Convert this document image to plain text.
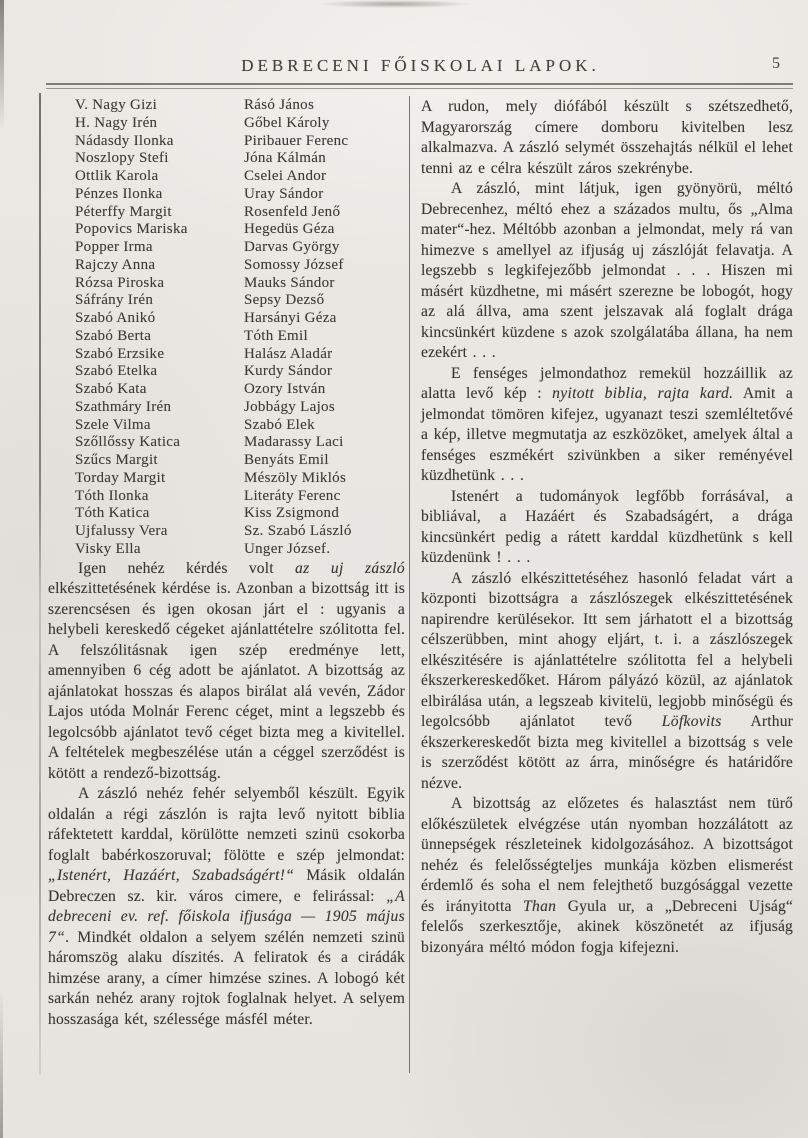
DEBRECENI FŐISKOLAI LAPOK.	5
V. Nagy Gizi
H. Nagy Irén
Nádasdy Ilonka
Noszlopy Stefi
Ottlik Karola
Pénzes Ilonka
Péterffy Margit
Popovics Mariska
Popper Irma
Rajczy Anna
Rózsa Piroska
Sáfrány Irén
Szabó Anikó
Szabó Berta
Szabó Erzsike
Szabó Etelka
Szabó Kata
Szathmáry Irén
Szele Vilma
Szőllőssy Katica
Szűcs Margit
Torday Margit
Tóth Ilonka
Tóth Katica
Ujfalussy Vera
Visky Ella
Rásó János
Gőbel Károly
Piribauer Ferenc
Jóna Kálmán
Cselei Andor
Uray Sándor
Rosenfeld Jenő
Hegedüs Géza
Darvas György
Somossy József
Mauks Sándor
Sepsy Dezső
Harsányi Géza
Tóth Emil
Halász Aladár
Kurdy Sándor
Ozory István
Jobbágy Lajos
Szabó Elek
Madarassy Laci
Benyáts Emil
Mészöly Miklós
Literáty Ferenc
Kiss Zsigmond
Sz. Szabó László
Unger József.

Igen nehéz kérdés volt az uj zászló elkészittetésének kérdése is. Azonban a bizottság itt is szerencsésen és igen okosan járt el : ugyanis a helybeli kereskedő cégeket ajánlattételre szólitotta fel. A felszólitásnak igen szép eredménye lett, amennyiben 6 cég adott be ajánlatot. A bizottság az ajánlatokat hosszas és alapos birálat alá vevén, Zádor Lajos utóda Molnár Ferenc céget, mint a legszebb és legolcsóbb ajánlatot tevő céget bizta meg a kivitellel. A feltételek megbeszélése után a céggel szerződést is kötött a rendező-bizottság.

A zászló nehéz fehér selyemből készült. Egyik oldalán a régi zászlón is rajta levő nyitott biblia ráfektetett karddal, körülötte nemzeti szinü csokorba foglalt babérkoszoruval; fölötte e szép jelmondat: „Istenért, Hazáért, Szabadságért!“ Másik oldalán Debreczen sz. kir. város cimere, e felirással: „A debreceni ev. ref. főiskola ifjusága — 1905 május 7“. Mindkét oldalon a selyem szélén nemzeti szinü háromszög alaku díszités. A feliratok és a cirádák himzése arany, a címer himzése szines. A lobogó két sarkán nehéz arany rojtok foglalnak helyet. A selyem hosszasága két, szélessége másfél méter.

A rudon, mely diófából készült s szétszedhető, Magyarország címere domboru kivitelben lesz alkalmazva. A zászló selymét összehajtás nélkül el lehet tenni az e célra készült záros szekrénybe.

A zászló, mint látjuk, igen gyönyörü, méltó Debrecenhez, méltó ehez a százados multu, ős „Alma mater“-hez. Méltóbb azonban a jelmondat, mely rá van himezve s amellyel az ifjuság uj zászlóját felavatja. A legszebb s legkifejezőbb jelmondat . . . Hiszen mi másért küzdhetne, mi másért szerezne be lobogót, hogy az alá állva, ama szent jelszavak alá foglalt drága kincsünkért küzdene s azok szolgálatába állana, ha nem ezekért . . .

E fenséges jelmondathoz remekül hozzáillik az alatta levő kép : nyitott biblia, rajta kard. Amit a jelmondat tömören kifejez, ugyanazt teszi szemléltetővé a kép, illetve megmutatja az eszközöket, amelyek által a fenséges eszmékért szivünkben a siker reményével küzdhetünk . . .

Istenért a tudományok legfőbb forrásával, a bibliával, a Hazáért és Szabadságért, a drága kincsünkért pedig a rátett karddal küzdhetünk s kell küzdenünk ! . . .

A zászló elkészittetéséhez hasonló feladat várt a központi bizottságra a zászlószegek elkészittetésének napirendre kerülésekor. Itt sem járhatott el a bizottság célszerübben, mint ahogy eljárt, t. i. a zászlószegek elkészitésére is ajánlattételre szólitotta fel a helybeli ékszerkereskedőket. Három pályázó közül, az ajánlatok elbirálása után, a legszeab kivitelü, legjobb minőségü és legolcsóbb ajánlatot tevő Löfkovits Arthur ékszerkereskedőt bizta meg kivitellel a bizottság s vele is szerződést kötött az árra, minőségre és határidőre nézve.

A bizottság az előzetes és halasztást nem türő előkészületek elvégzése után nyomban hozzálátott az ünnepségek részleteinek kidolgozásához. A bizottságot nehéz és felelősségteljes munkája közben elismerést érdemlő és soha el nem felejthető buzgósággal vezette és irányitotta Than Gyula ur, a „Debreceni Ujság“ felelős szerkesztője, akinek köszönetét az ifjuság bizonyára méltó módon fogja kifejezni.
